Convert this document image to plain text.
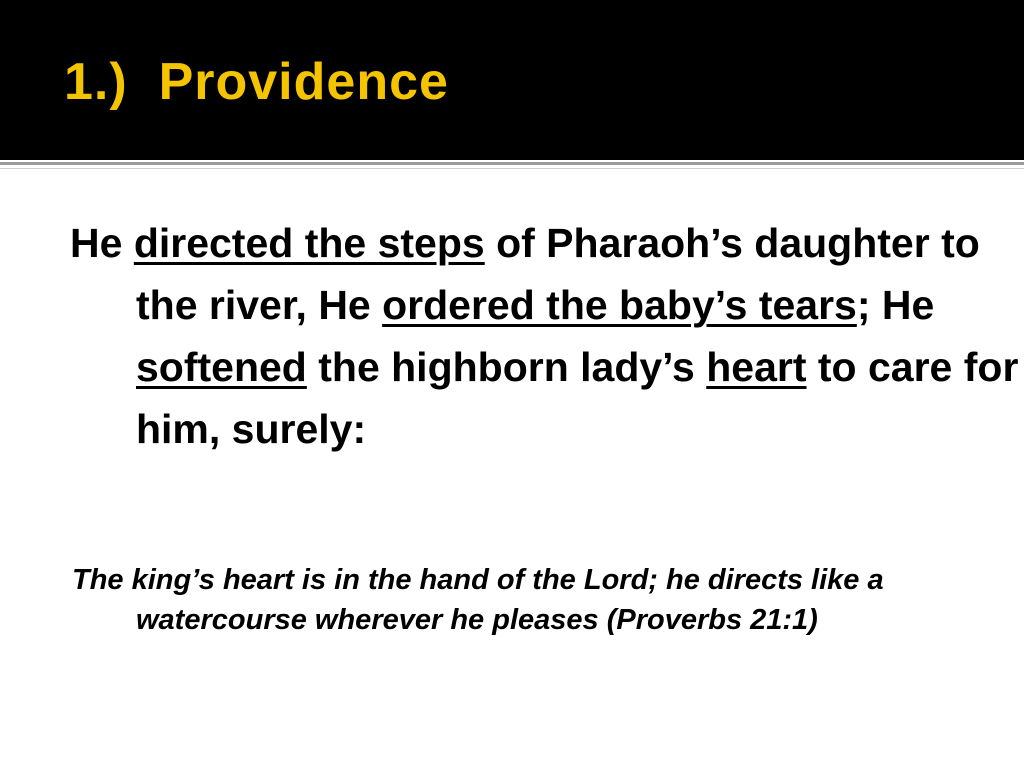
1.)  Providence

He directed the steps of Pharaoh’s daughter to the river, He ordered the baby’s tears; He softened the highborn lady’s heart to care for him, surely:

The king’s heart is in the hand of the Lord; he directs like a watercourse wherever he pleases (Proverbs 21:1)
